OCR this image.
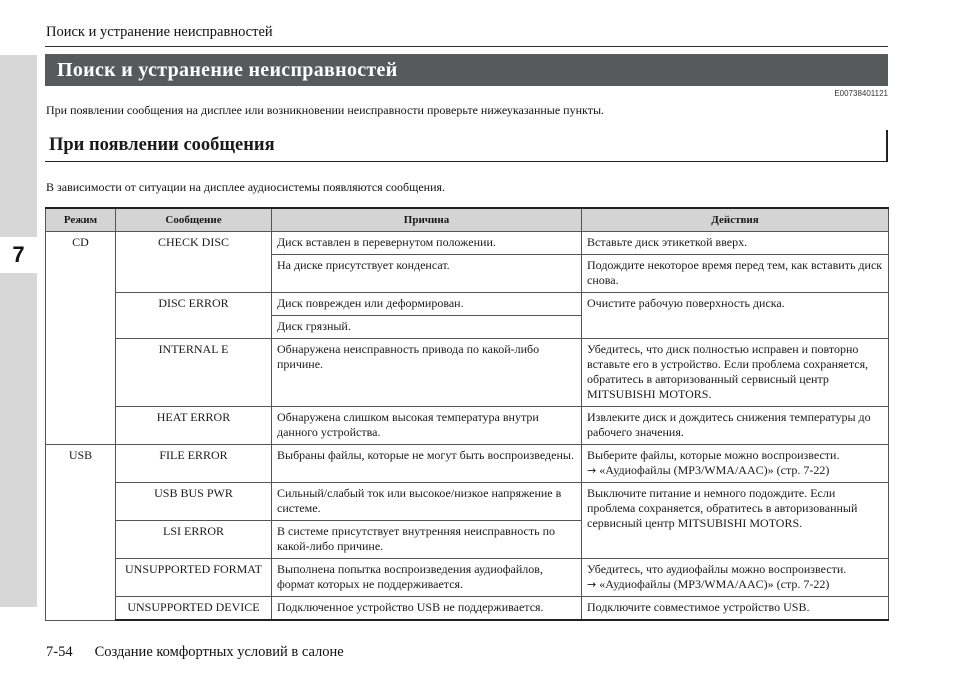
7
Поиск и устранение неисправностей
Поиск и устранение неисправностей
E00738401121
При появлении сообщения на дисплее или возникновении неисправности проверьте нижеуказанные пункты.
При появлении сообщения
В зависимости от ситуации на дисплее аудиосистемы появляются сообщения.
Режим	Сообщение	Причина	Действия
CD	CHECK DISC	Диск вставлен в перевернутом положении.	Вставьте диск этикеткой вверх.
		На диске присутствует конденсат.	Подождите некоторое время перед тем, как вставить диск снова.
	DISC ERROR	Диск поврежден или деформирован.	Очистите рабочую поверхность диска.
		Диск грязный.	
	INTERNAL E	Обнаружена неисправность привода по какой-либо причине.	Убедитесь, что диск полностью исправен и повторно вставьте его в устройство. Если проблема сохраняется, обратитесь в авторизованный сервисный центр MITSUBISHI MOTORS.
	HEAT ERROR	Обнаружена слишком высокая температура внутри данного устройства.	Извлеките диск и дождитесь снижения температуры до рабочего значения.
USB	FILE ERROR	Выбраны файлы, которые не могут быть воспроизведены.	Выберите файлы, которые можно воспроизвести.
→ «Аудиофайлы (MP3/WMA/AAC)» (стр. 7-22)

	USB BUS PWR	Сильный/слабый ток или высокое/низкое напряжение в системе.	Выключите питание и немного подождите. Если проблема сохраняется, обратитесь в авторизованный сервисный центр MITSUBISHI MOTORS.
	LSI ERROR	В системе присутствует внутренняя неисправность по какой-либо причине.	
	UNSUPPORTED FORMAT	Выполнена попытка воспроизведения аудиофайлов, формат которых не поддерживается.	Убедитесь, что аудиофайлы можно воспроизвести.
→ «Аудиофайлы (MP3/WMA/AAC)» (стр. 7-22)

	UNSUPPORTED DEVICE	Подключенное устройство USB не поддерживается.	Подключите совместимое устройство USB.
7-54 Создание комфортных условий в салоне
